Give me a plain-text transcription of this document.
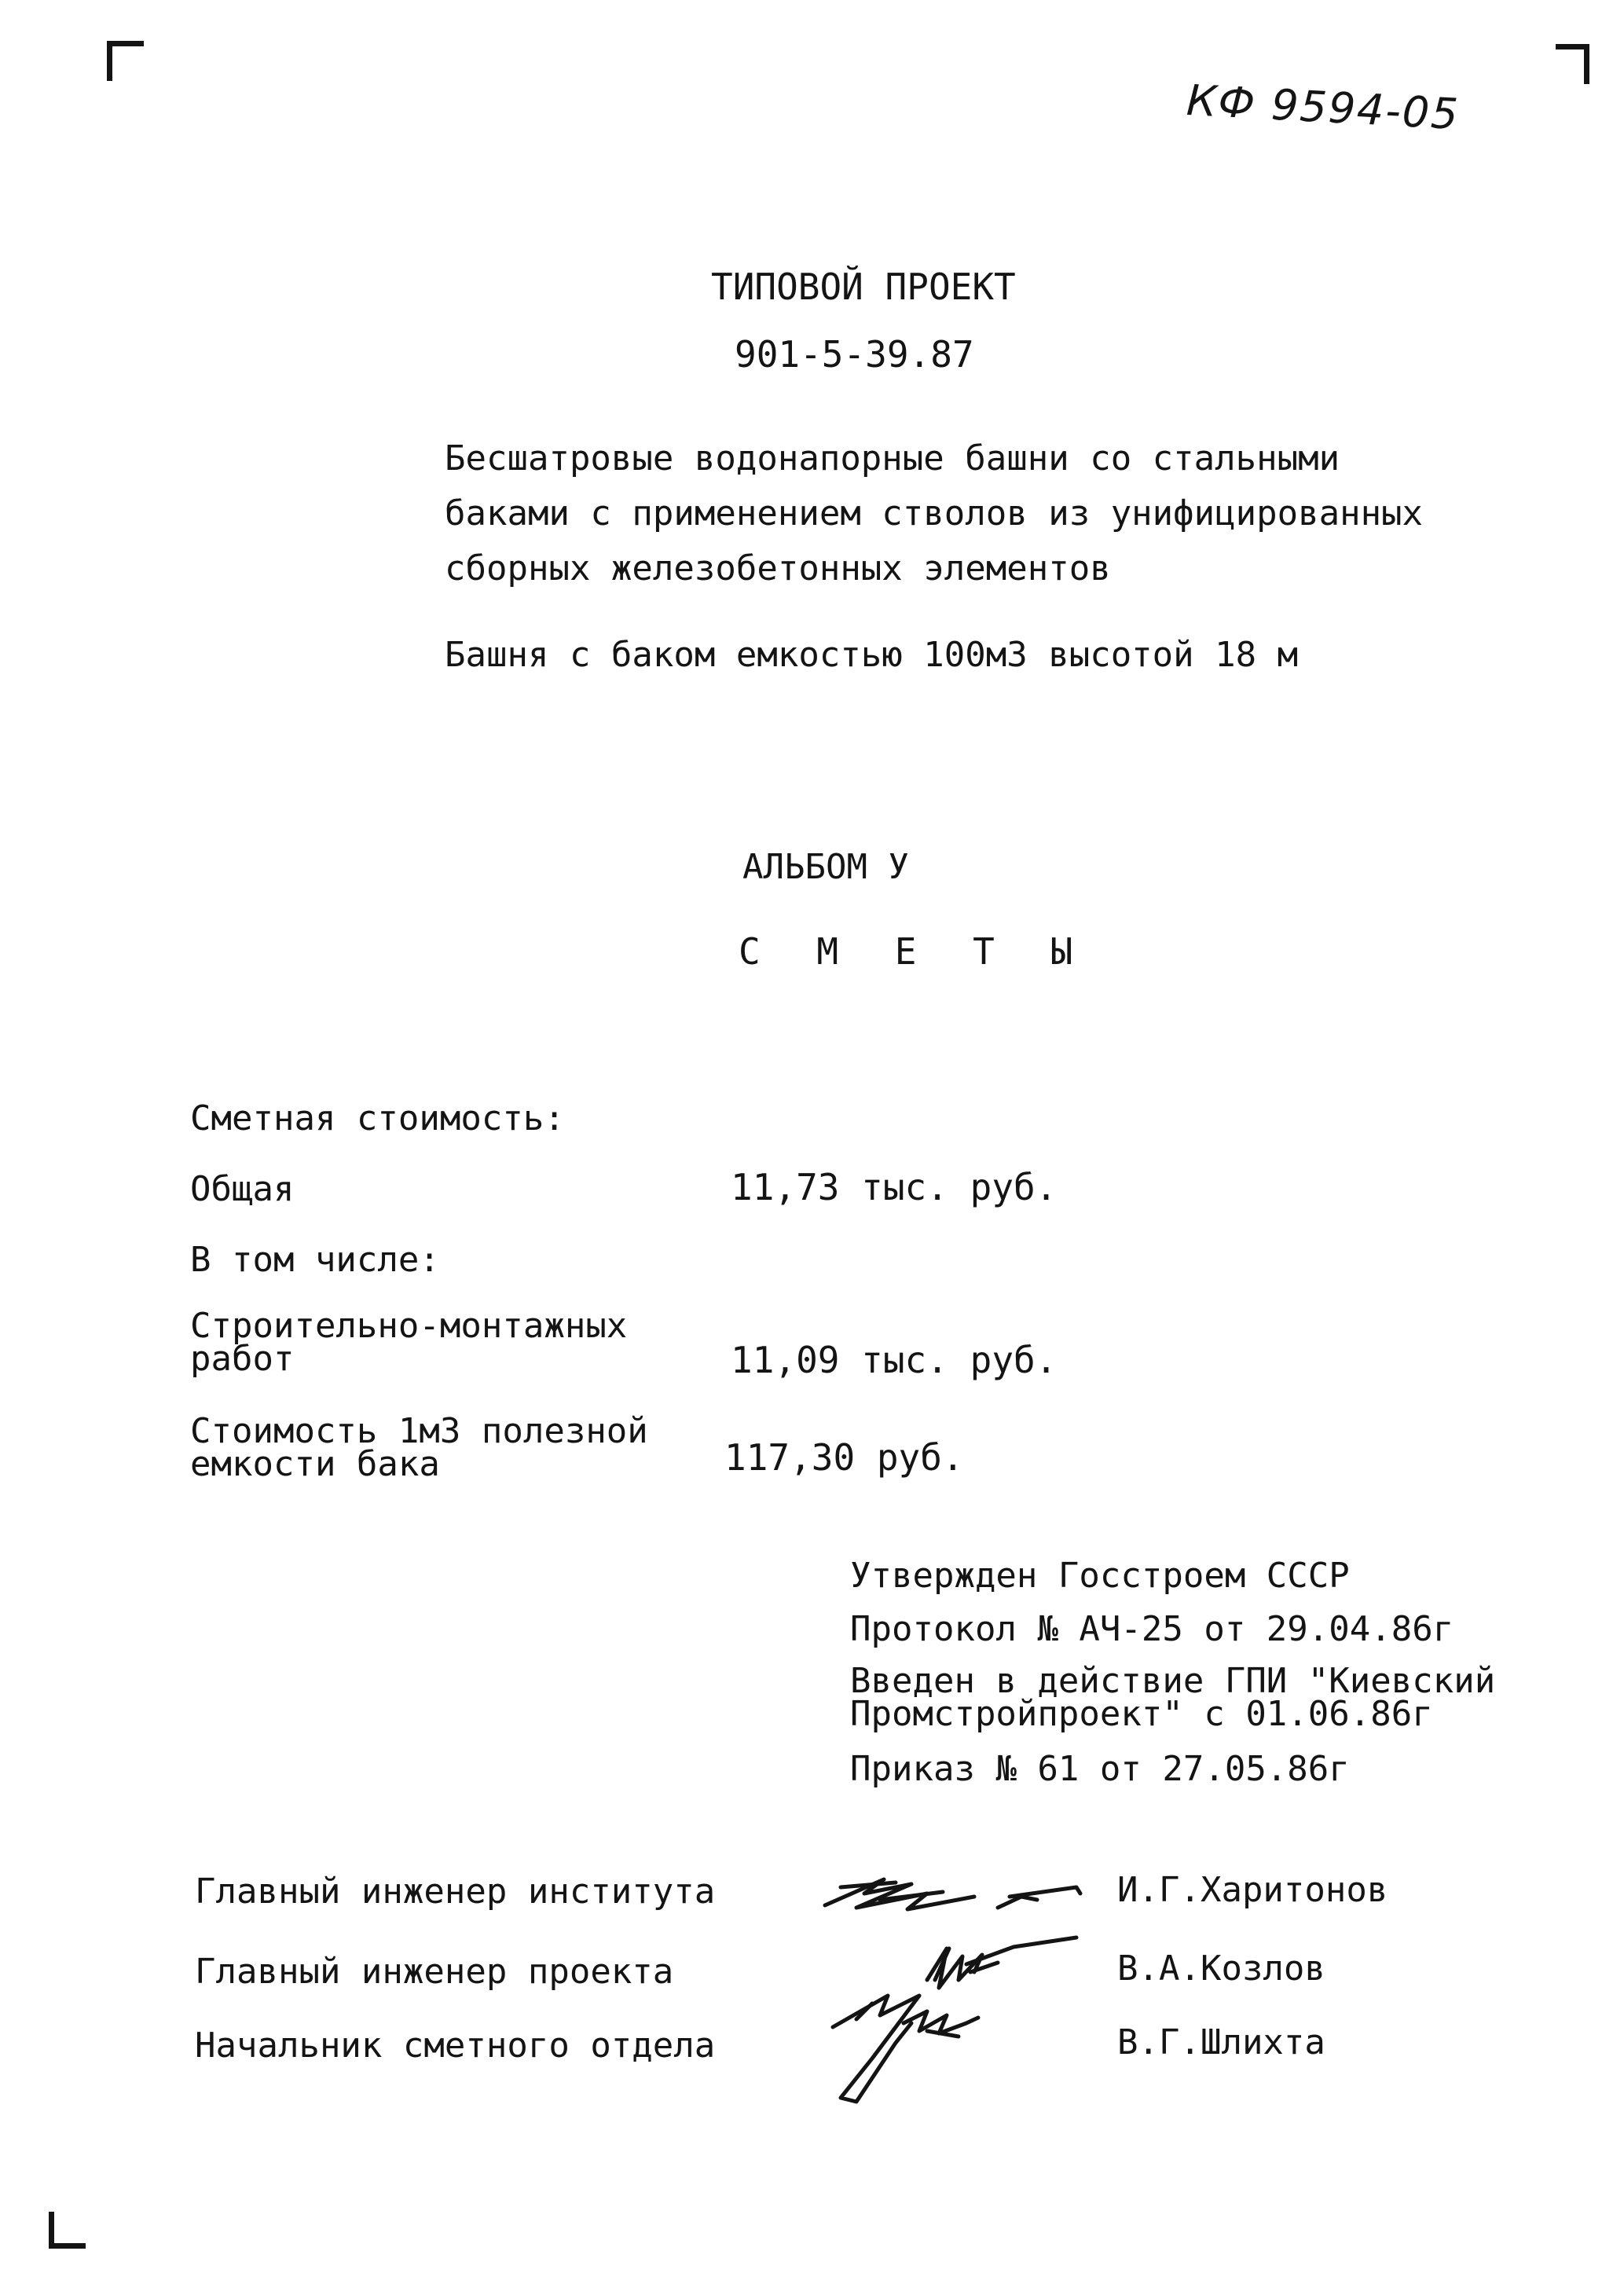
КФ 9594-05
ТИПОВОЙ ПРОЕКТ
901-5-39.87
Бесшатровые водонапорные башни со стальными
баками с применением стволов из унифицированных
сборных железобетонных элементов
Башня с баком емкостью 100м3 высотой 18 м
АЛЬБОМ У
С М Е Т Ы
Сметная стоимость:
Общая	11,73 тыс. руб.
В том числе:
Строительно-монтажных
работ	11,09 тыс. руб.
Стоимость 1м3 полезной
емкости бака	117,30 руб.
Утвержден Госстроем СССР
Протокол № АЧ-25 от 29.04.86г
Введен в действие ГПИ "Киевский
Промстройпроект" с 01.06.86г
Приказ № 61 от 27.05.86г
Главный инженер института	И.Г.Харитонов
Главный инженер проекта	В.А.Козлов
Начальник сметного отдела	В.Г.Шлихта
